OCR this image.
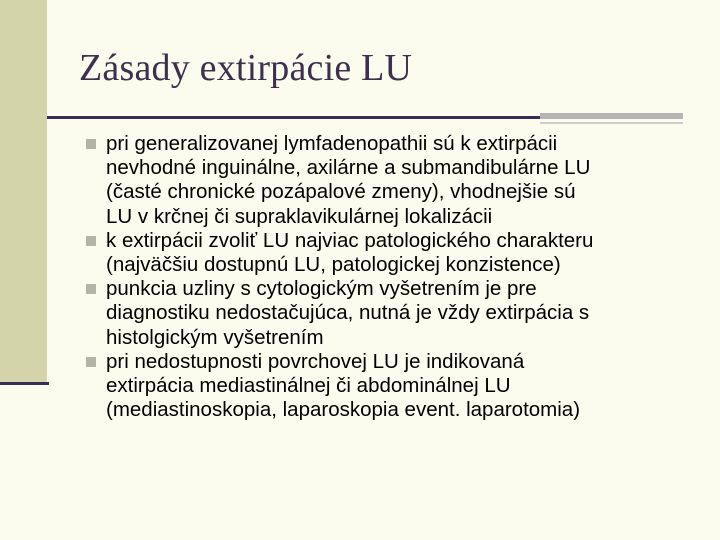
Zásady extirpácie LU
pri generalizovanej lymfadenopathii sú k extirpácii
nevhodné inguinálne, axilárne a submandibulárne LU
(časté chronické pozápalové zmeny), vhodnejšie sú
LU v krčnej či supraklavikulárnej lokalizácii
k extirpácii zvoliť LU najviac patologického charakteru
(najväčšiu dostupnú LU, patologickej konzistence)
punkcia uzliny s cytologickým vyšetrením je pre
diagnostiku nedostačujúca, nutná je vždy extirpácia s
histolgickým vyšetrením
pri nedostupnosti povrchovej LU je indikovaná
extirpácia mediastinálnej či abdominálnej LU
(mediastinoskopia, laparoskopia event. laparotomia)
